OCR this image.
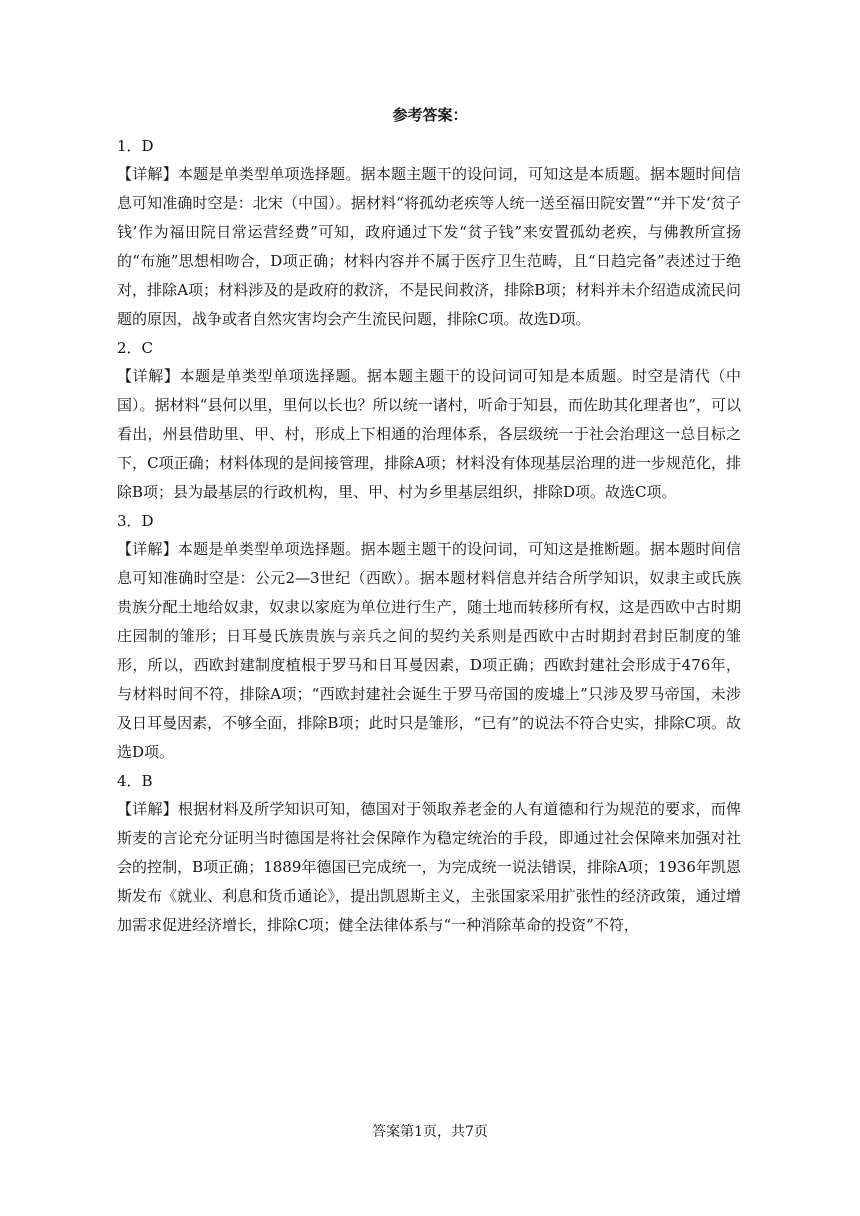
参考答案：

1．D

【详解】本题是单类型单项选择题。据本题主题干的设问词，可知这是本质题。据本题时间信息可知准确时空是：北宋（中国）。据材料“将孤幼老疾等人统一送至福田院安置”“并下发‘贫子钱’作为福田院日常运营经费”可知，政府通过下发“贫子钱”来安置孤幼老疾，与佛教所宣扬的“布施”思想相吻合，D项正确；材料内容并不属于医疗卫生范畴，且“日趋完备”表述过于绝对，排除A项；材料涉及的是政府的救济，不是民间救济，排除B项；材料并未介绍造成流民问题的原因，战争或者自然灾害均会产生流民问题，排除C项。故选D项。

2．C

【详解】本题是单类型单项选择题。据本题主题干的设问词可知是本质题。时空是清代（中国）。据材料“县何以里，里何以长也？所以统一诸村，听命于知县，而佐助其化理者也”，可以看出，州县借助里、甲、村，形成上下相通的治理体系，各层级统一于社会治理这一总目标之下，C项正确；材料体现的是间接管理，排除A项；材料没有体现基层治理的进一步规范化，排除B项；县为最基层的行政机构，里、甲、村为乡里基层组织，排除D项。故选C项。

3．D

【详解】本题是单类型单项选择题。据本题主题干的设问词，可知这是推断题。据本题时间信息可知准确时空是：公元2—3世纪（西欧）。据本题材料信息并结合所学知识，奴隶主或氏族贵族分配土地给奴隶，奴隶以家庭为单位进行生产，随土地而转移所有权，这是西欧中古时期庄园制的雏形；日耳曼氏族贵族与亲兵之间的契约关系则是西欧中古时期封君封臣制度的雏形，所以，西欧封建制度植根于罗马和日耳曼因素，D项正确；西欧封建社会形成于476年，与材料时间不符，排除A项；“西欧封建社会诞生于罗马帝国的废墟上”只涉及罗马帝国，未涉及日耳曼因素，不够全面，排除B项；此时只是雏形，“已有”的说法不符合史实，排除C项。故选D项。

4．B

【详解】根据材料及所学知识可知，德国对于领取养老金的人有道德和行为规范的要求，而俾斯麦的言论充分证明当时德国是将社会保障作为稳定统治的手段，即通过社会保障来加强对社会的控制，B项正确；1889年德国已完成统一，为完成统一说法错误，排除A项；1936年凯恩斯发布《就业、利息和货币通论》，提出凯恩斯主义，主张国家采用扩张性的经济政策，通过增加需求促进经济增长，排除C项；健全法律体系与“一种消除革命的投资”不符，

答案第1页，共7页
